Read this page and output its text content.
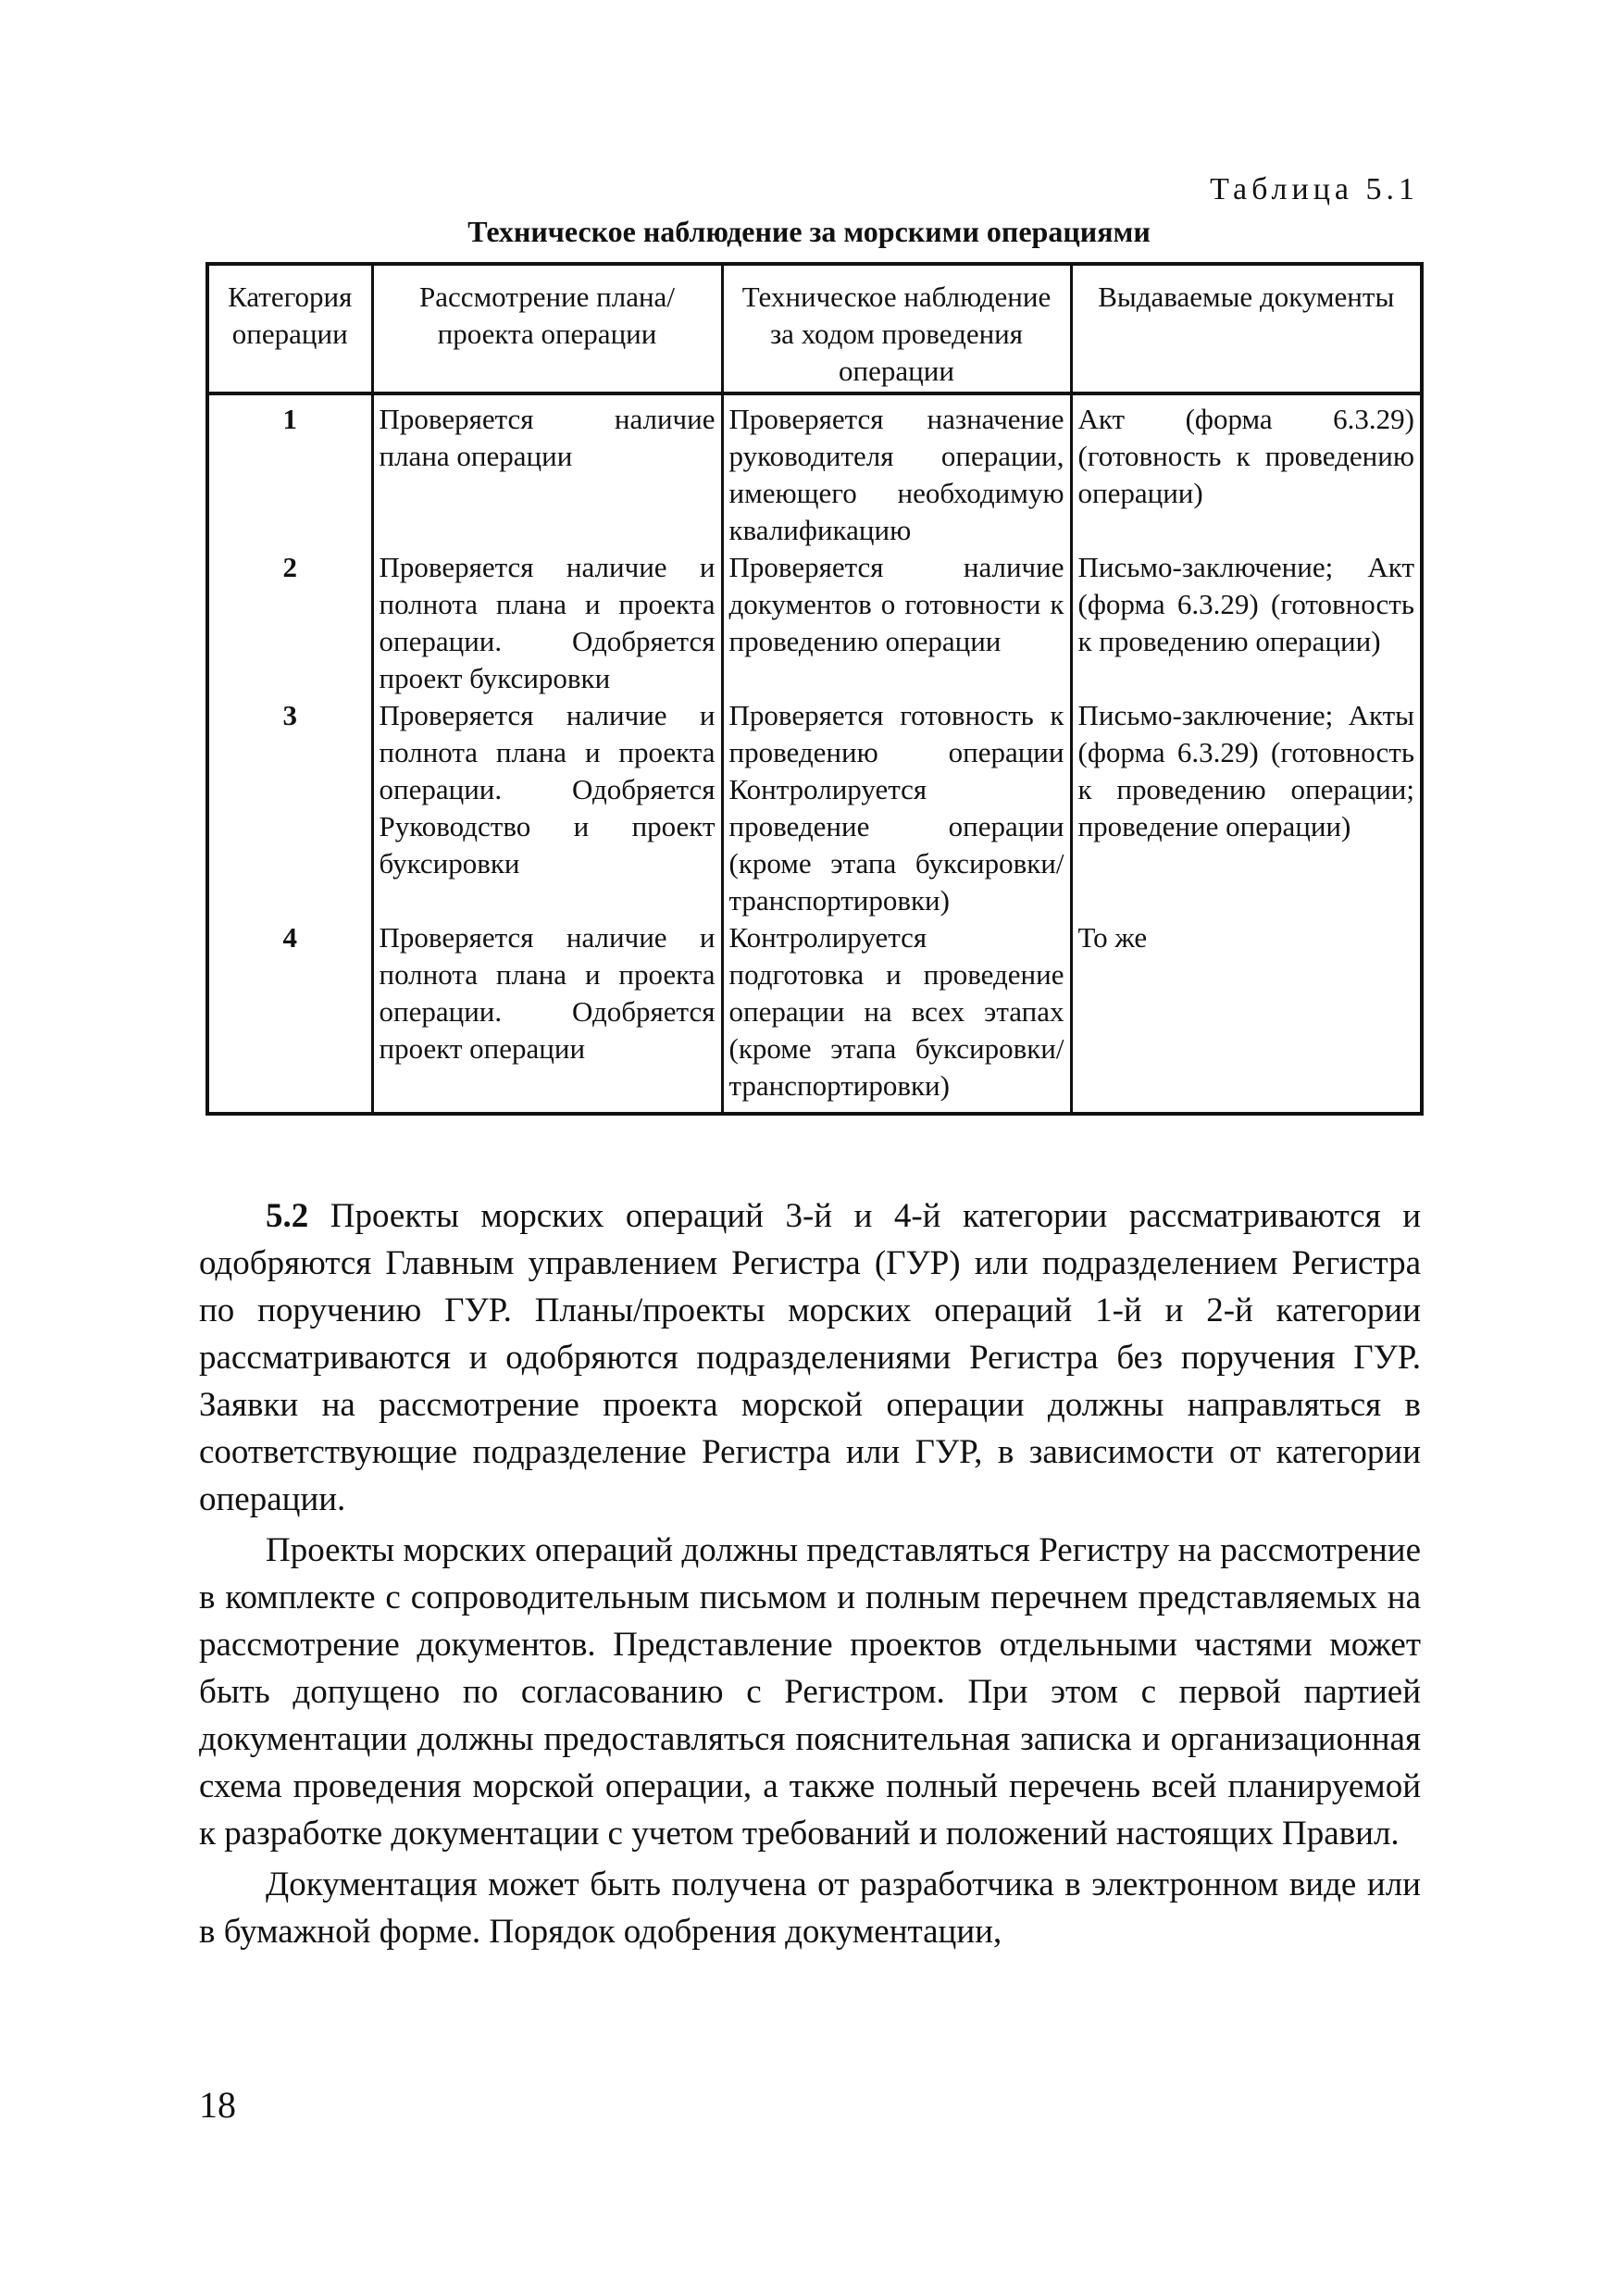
Таблица 5.1
Техническое наблюдение за морскими операциями
Категория операции	Рассмотрение плана/ проекта операции	Техническое наблюдение за ходом проведения операции	Выдаваемые документы
1	Проверяется наличие плана операции	Проверяется назначение руководителя операции, имеющего необходимую квалификацию	Акт (форма 6.3.29) (готовность к проведению операции)
2	Проверяется наличие и полнота плана и проекта операции. Одобряется проект буксировки	Проверяется наличие документов о готовности к проведению операции	Письмо-заключение; Акт (форма 6.3.29) (готовность к проведению операции)
3	Проверяется наличие и полнота плана и проекта операции. Одобряется Руководство и проект буксировки	Проверяется готовность к проведению операции Контролируется проведение операции (кроме этапа буксировки/транспортировки)	Письмо-заключение; Акты (форма 6.3.29) (готовность к проведению операции; проведение операции)
4	Проверяется наличие и полнота плана и проекта операции. Одобряется проект операции	Контролируется подготовка и проведение операции на всех этапах (кроме этапа буксировки/ транспортировки)	То же

5.2 Проекты морских операций 3-й и 4-й категории рассматриваются и одобряются Главным управлением Регистра (ГУР) или подразделением Регистра по поручению ГУР. Планы/проекты морских операций 1-й и 2-й категории рассматриваются и одобряются подразделениями Регистра без поручения ГУР. Заявки на рассмотрение проекта морской операции должны направляться в соответствующие подразделение Регистра или ГУР, в зависимости от категории операции.

Проекты морских операций должны представляться Регистру на рассмотрение в комплекте с сопроводительным письмом и полным перечнем представляемых на рассмотрение документов. Представление проектов отдельными частями может быть допущено по согласованию с Регистром. При этом с первой партией документации должны предоставляться пояснительная записка и организационная схема проведения морской операции, а также полный перечень всей планируемой к разработке документации с учетом требований и положений настоящих Правил.

Документация может быть получена от разработчика в электронном виде или в бумажной форме. Порядок одобрения документации,

18
